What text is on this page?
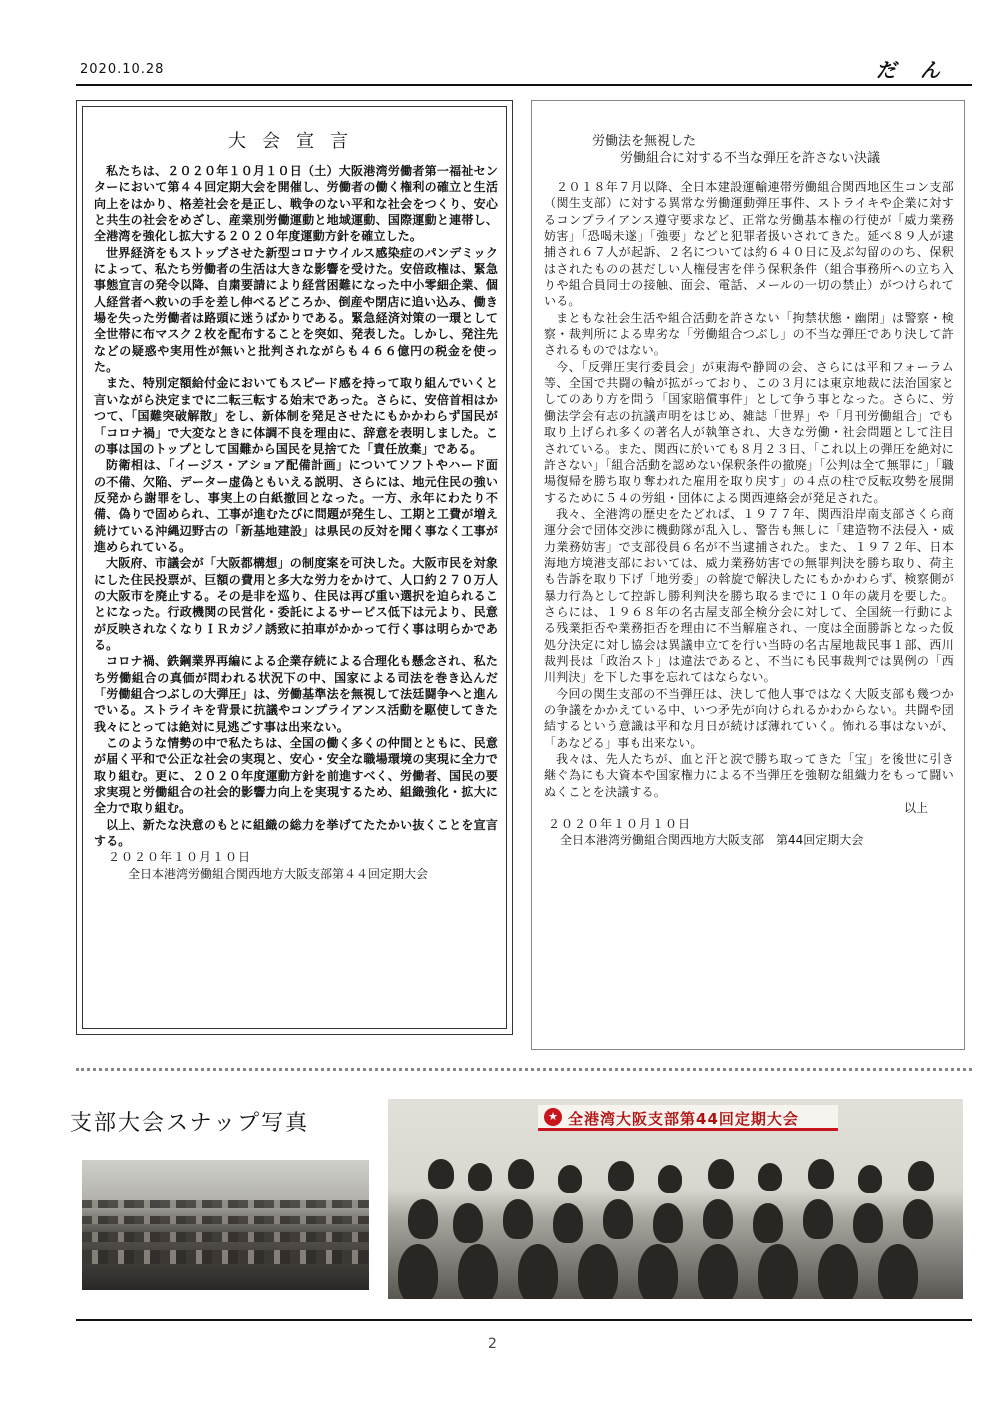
2020.10.28	だん
大会宣言

私たちは、２０２０年１０月１０日（土）大阪港湾労働者第一福祉センターにおいて第４４回定期大会を開催し、労働者の働く権利の確立と生活向上をはかり、格差社会を是正し、戦争のない平和な社会をつくり、安心と共生の社会をめざし、産業別労働運動と地域運動、国際運動と連帯し、全港湾を強化し拡大する２０２０年度運動方針を確立した。

世界経済をもストップさせた新型コロナウイルス感染症のパンデミックによって、私たち労働者の生活は大きな影響を受けた。安倍政権は、緊急事態宣言の発令以降、自粛要請により経営困難になった中小零細企業、個人経営者へ救いの手を差し伸べるどころか、倒産や閉店に追い込み、働き場を失った労働者は路頭に迷うばかりである。緊急経済対策の一環として全世帯に布マスク２枚を配布することを突如、発表した。しかし、発注先などの疑惑や実用性が無いと批判されながらも４６６億円の税金を使った。

また、特別定額給付金においてもスピード感を持って取り組んでいくと言いながら決定までに二転三転する始末であった。さらに、安倍首相はかつて、「国難突破解散」をし、新体制を発足させたにもかかわらず国民が「コロナ禍」で大変なときに体調不良を理由に、辞意を表明しました。この事は国のトップとして国難から国民を見捨てた「責任放棄」である。

防衛相は、「イージス・アショア配備計画」についてソフトやハード面の不備、欠陥、データー虚偽ともいえる説明、さらには、地元住民の強い反発から謝罪をし、事実上の白紙撤回となった。一方、永年にわたり不備、偽りで固められ、工事が進むたびに問題が発生し、工期と工費が増え続けている沖縄辺野古の「新基地建設」は県民の反対を聞く事なく工事が進められている。

大阪府、市議会が「大阪都構想」の制度案を可決した。大阪市民を対象にした住民投票が、巨額の費用と多大な労力をかけて、人口約２７０万人の大阪市を廃止する。その是非を巡り、住民は再び重い選択を迫られることになった。行政機関の民営化・委託によるサービス低下は元より、民意が反映されなくなりＩＲカジノ誘致に拍車がかかって行く事は明らかである。

コロナ禍、鉄鋼業界再編による企業存続による合理化も懸念され、私たち労働組合の真価が問われる状況下の中、国家による司法を巻き込んだ「労働組合つぶしの大弾圧」は、労働基準法を無視して法廷闘争へと進んでいる。ストライキを背景に抗議やコンプライアンス活動を駆使してきた我々にとっては絶対に見逃ごす事は出来ない。

このような情勢の中で私たちは、全国の働く多くの仲間とともに、民意が届く平和で公正な社会の実現と、安心・安全な職場環境の実現に全力で取り組む。更に、２０２０年度運動方針を前進すべく、労働者、国民の要求実現と労働組合の社会的影響力向上を実現するため、組織強化・拡大に全力で取り組む。

以上、新たな決意のもとに組織の総力を挙げてたたかい抜くことを宣言する。

２０２０年１０月１０日
全日本港湾労働組合関西地方大阪支部第４４回定期大会
労働法を無視した
労働組合に対する不当な弾圧を許さない決議

２０１８年７月以降、全日本建設運輸連帯労働組合関西地区生コン支部（関生支部）に対する異常な労働運動弾圧事件、ストライキや企業に対するコンプライアンス遵守要求など、正常な労働基本権の行使が「威力業務妨害」「恐喝未遂」「強要」などと犯罪者扱いされてきた。延べ８９人が逮捕され６７人が起訴、２名については約６４０日に及ぶ勾留ののち、保釈はされたものの甚だしい人権侵害を伴う保釈条件（組合事務所への立ち入りや組合員同士の接触、面会、電話、メールの一切の禁止）がつけられている。

まともな社会生活や組合活動を許さない「拘禁状態・幽閉」は警察・検察・裁判所による卑劣な「労働組合つぶし」の不当な弾圧であり決して許されるものではない。

今、「反弾圧実行委員会」が東海や静岡の会、さらには平和フォーラム等、全国で共闘の輪が拡がっており、この３月には東京地裁に法治国家としてのあり方を問う「国家賠償事件」として争う事となった。さらに、労働法学会有志の抗議声明をはじめ、雑誌「世界」や「月刊労働組合」でも取り上げられ多くの著名人が執筆され、大きな労働・社会問題として注目されている。また、関西に於いても８月２３日、「これ以上の弾圧を絶対に許さない」「組合活動を認めない保釈条件の撤廃」「公判は全て無罪に」「職場復帰を勝ち取り奪われた雇用を取り戻す」の４点の柱で反転攻勢を展開するために５４の労組・団体による関西連絡会が発足された。

我々、全港湾の歴史をたどれば、１９７７年、関西沿岸南支部さくら商運分会で団体交渉に機動隊が乱入し、警告も無しに「建造物不法侵入・威力業務妨害」で支部役員６名が不当逮捕された。また、１９７２年、日本海地方境港支部においては、威力業務妨害での無罪判決を勝ち取り、荷主も告訴を取り下げ「地労委」の斡旋で解決したにもかかわらず、検察側が暴力行為として控訴し勝利判決を勝ち取るまでに１０年の歳月を要した。さらには、１９６８年の名古屋支部全検分会に対して、全国統一行動による残業拒否や業務拒否を理由に不当解雇され、一度は全面勝訴となった仮処分決定に対し協会は異議申立てを行い当時の名古屋地裁民事１部、西川裁判長は「政治スト」は違法であると、不当にも民事裁判では異例の「西川判決」を下した事を忘れてはならない。

今回の関生支部の不当弾圧は、決して他人事ではなく大阪支部も幾つかの争議をかかえている中、いつ矛先が向けられるかわからない。共闘や団結するという意識は平和な月日が続けば薄れていく。怖れる事はないが、「あなどる」事も出来ない。

我々は、先人たちが、血と汗と涙で勝ち取ってきた「宝」を後世に引き継ぐ為にも大資本や国家権力による不当弾圧を強靭な組織力をもって闘いぬくことを決議する。

以上
２０２０年１０月１０日
全日本港湾労働組合関西地方大阪支部　第44回定期大会
支部大会スナップ写真	★ 全港湾大阪支部第44回定期大会
2
